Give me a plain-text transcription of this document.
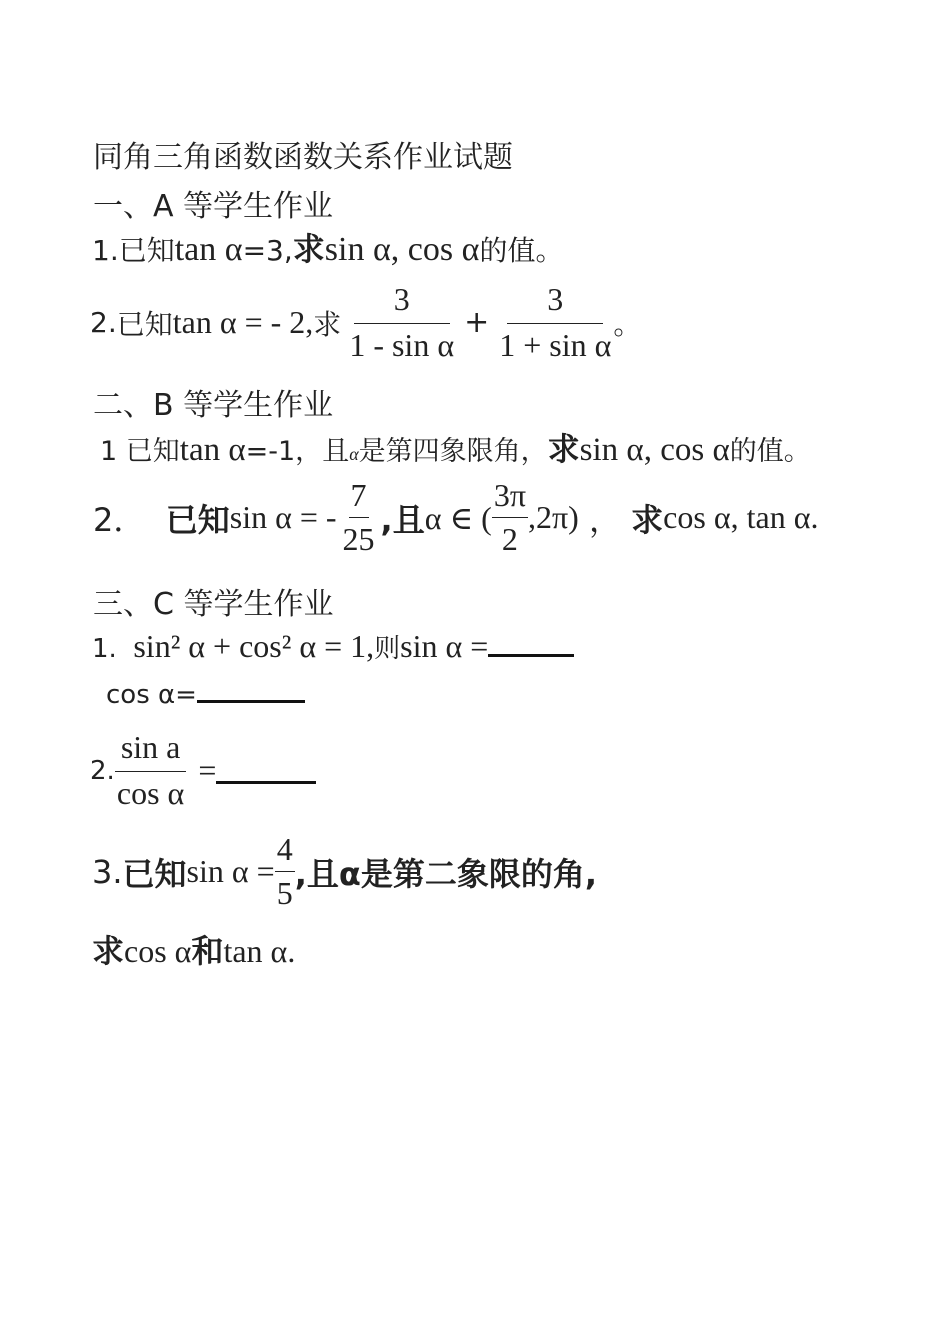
同角三角函数函数关系作业试题
一、A 等学生作业
1.已知tan α=3,求sin α, cos α的值。
2. 已知 tan α = - 2, 求 $\frac{3}{\text{1 - sin α}} + \frac{3}{\text{1 + sin α}}$ 。
二、B 等学生作业
1 已知tan α=-1，且α是第四象限角，求sin α, cos α的值。
2．
已知 sin α = - $\frac{7}{25}$ ,且 α ∈ ( $\frac{3\pi}{2} ,2\pi$)
，
求 cos α, tan α.
三、C 等学生作业
1. sin² α + cos² α = 1,则sin α =
cos α=
2. $\frac{\text{sin a}}{\text{cos α}}$ =
3. 已知 $\sin \alpha = \frac{4}{5}$ ,且α是第二象限的角,
求cos α和tan α.
